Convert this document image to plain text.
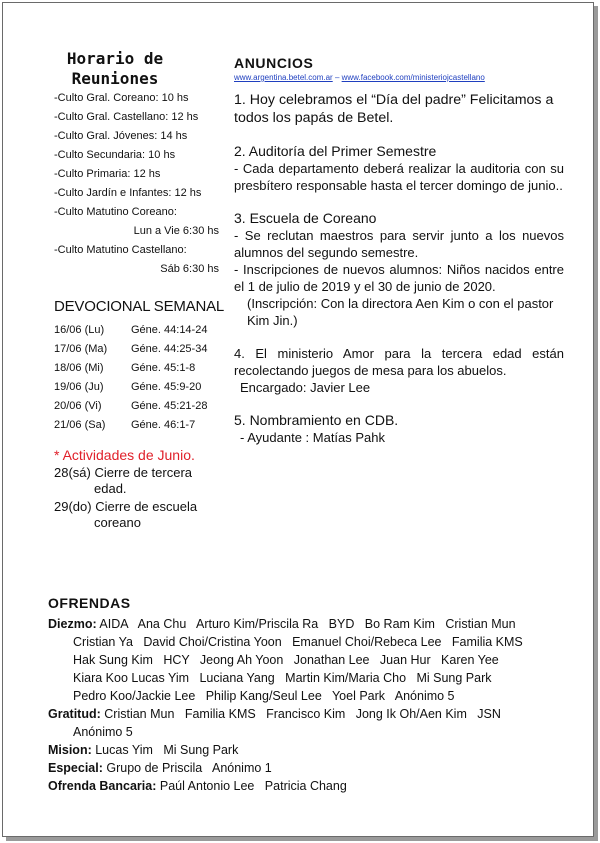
Horario de
Reuniones
-Culto Gral. Coreano: 10 hs
-Culto Gral. Castellano: 12 hs
-Culto Gral. Jóvenes: 14 hs
-Culto Secundaria: 10 hs
-Culto Primaria: 12 hs
-Culto Jardín e Infantes: 12 hs
-Culto Matutino Coreano:
Lun a Vie 6:30 hs
-Culto Matutino Castellano:
Sáb 6:30 hs
DEVOCIONAL SEMANAL
16/06 (Lu) Géne. 44:14-24
17/06 (Ma) Géne. 44:25-34
18/06 (Mi) Géne. 45:1-8
19/06 (Ju) Géne. 45:9-20
20/06 (Vi)	Géne. 45:21-28
21/06 (Sa) Géne. 46:1-7
* Actividades de Junio.
28(sá) Cierre de tercera
edad.
29(do) Cierre de escuela
coreano
ANUNCIOS
www.argentina.betel.com.ar – www.facebook.com/ministeriojcastellano
1. Hoy celebramos el “Día del padre” Felicitamos a todos los papás de Betel.
2. Auditoría del Primer Semestre
- Cada departamento deberá realizar la auditoria con su presbítero responsable hasta el tercer domingo de junio..
3. Escuela de Coreano
- Se reclutan maestros para servir junto a los nuevos alumnos del segundo semestre.
- Inscripciones de nuevos alumnos: Niños nacidos entre el 1 de julio de 2019 y el 30 de junio de 2020.
(Inscripción: Con la directora Aen Kim o con el pastor Kim Jin.)
4. El ministerio Amor para la tercera edad están recolectando juegos de mesa para los abuelos.
Encargado: Javier Lee
5. Nombramiento en CDB.
- Ayudante : Matías Pahk
OFRENDAS
Diezmo: AIDA   Ana Chu   Arturo Kim/Priscila Ra   BYD   Bo Ram Kim   Cristian Mun
Cristian Ya   David Choi/Cristina Yoon   Emanuel Choi/Rebeca Lee   Familia KMS
Hak Sung Kim   HCY   Jeong Ah Yoon   Jonathan Lee   Juan Hur   Karen Yee
Kiara Koo Lucas Yim   Luciana Yang   Martin Kim/Maria Cho   Mi Sung Park
Pedro Koo/Jackie Lee   Philip Kang/Seul Lee   Yoel Park   Anónimo 5
Gratitud: Cristian Mun   Familia KMS   Francisco Kim   Jong Ik Oh/Aen Kim   JSN
Anónimo 5
Mision: Lucas Yim   Mi Sung Park
Especial: Grupo de Priscila   Anónimo 1
Ofrenda Bancaria: Paúl Antonio Lee   Patricia Chang
